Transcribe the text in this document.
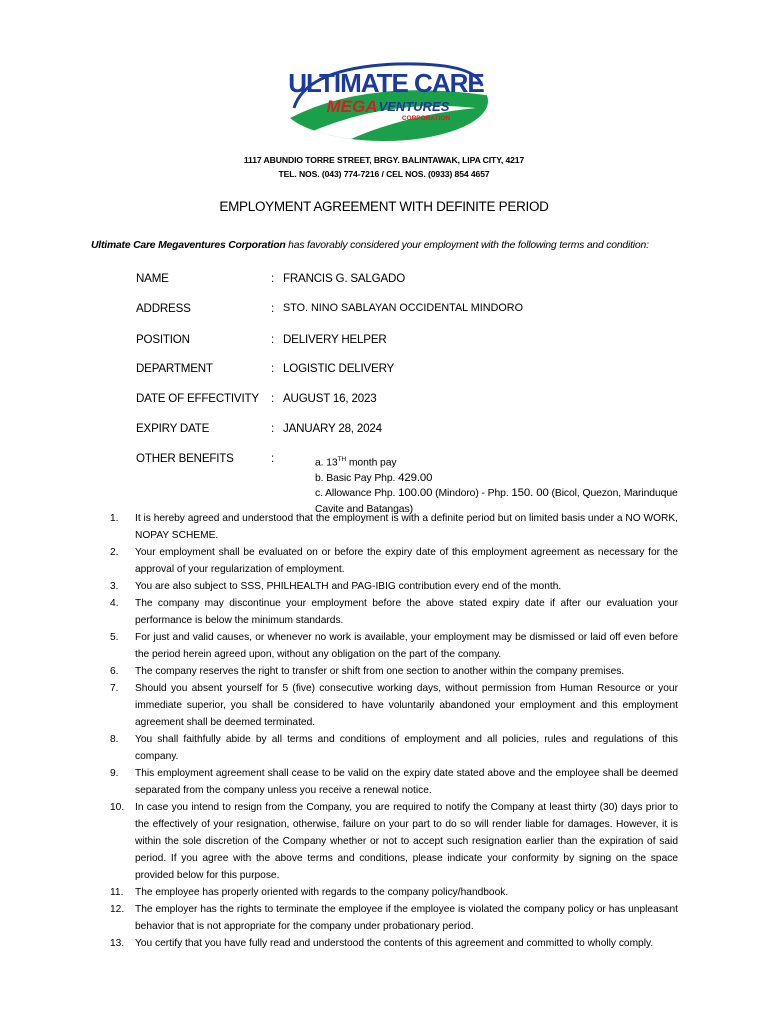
ULTIMATE CARE
MEGA VENTURES
CORPORATION
1117 ABUNDIO TORRE STREET, BRGY. BALINTAWAK, LIPA CITY, 4217
TEL. NOS. (043) 774-7216 / CEL NOS. (0933) 854 4657
EMPLOYMENT AGREEMENT WITH DEFINITE PERIOD
Ultimate Care Megaventures Corporation has favorably considered your employment with the following terms and condition:
NAME	: FRANCIS G. SALGADO
ADDRESS	: STO. NINO SABLAYAN OCCIDENTAL MINDORO
POSITION	: DELIVERY HELPER
DEPARTMENT	: LOGISTIC DELIVERY
DATE OF EFFECTIVITY : AUGUST 16, 2023
EXPIRY DATE	: JANUARY 28, 2024
OTHER BENEFITS	:	a. 13TH month pay
b. Basic Pay Php. 429.00
c. Allowance Php. 100.00 (Mindoro) - Php. 150. 00 (Bicol, Quezon, Marinduque Cavite and Batangas)
1. It is hereby agreed and understood that the employment is with a definite period but on limited basis under a NO WORK, NOPAY SCHEME.
2. Your employment shall be evaluated on or before the expiry date of this employment agreement as necessary for the approval of your regularization of employment.
3. You are also subject to SSS, PHILHEALTH and PAG-IBIG contribution every end of the month.
4. The company may discontinue your employment before the above stated expiry date if after our evaluation your performance is below the minimum standards.
5. For just and valid causes, or whenever no work is available, your employment may be dismissed or laid off even before the period herein agreed upon, without any obligation on the part of the company.
6. The company reserves the right to transfer or shift from one section to another within the company premises.
7. Should you absent yourself for 5 (five) consecutive working days, without permission from Human Resource or your immediate superior, you shall be considered to have voluntarily abandoned your employment and this employment agreement shall be deemed terminated.
8. You shall faithfully abide by all terms and conditions of employment and all policies, rules and regulations of this company.
9. This employment agreement shall cease to be valid on the expiry date stated above and the employee shall be deemed separated from the company unless you receive a renewal notice.
10. In case you intend to resign from the Company, you are required to notify the Company at least thirty (30) days prior to the effectively of your resignation, otherwise, failure on your part to do so will render liable for damages. However, it is within the sole discretion of the Company whether or not to accept such resignation earlier than the expiration of said period. If you agree with the above terms and conditions, please indicate your conformity by signing on the space provided below for this purpose.
11. The employee has properly oriented with regards to the company policy/handbook.
12. The employer has the rights to terminate the employee if the employee is violated the company policy or has unpleasant behavior that is not appropriate for the company under probationary period.
13. You certify that you have fully read and understood the contents of this agreement and committed to wholly comply.
